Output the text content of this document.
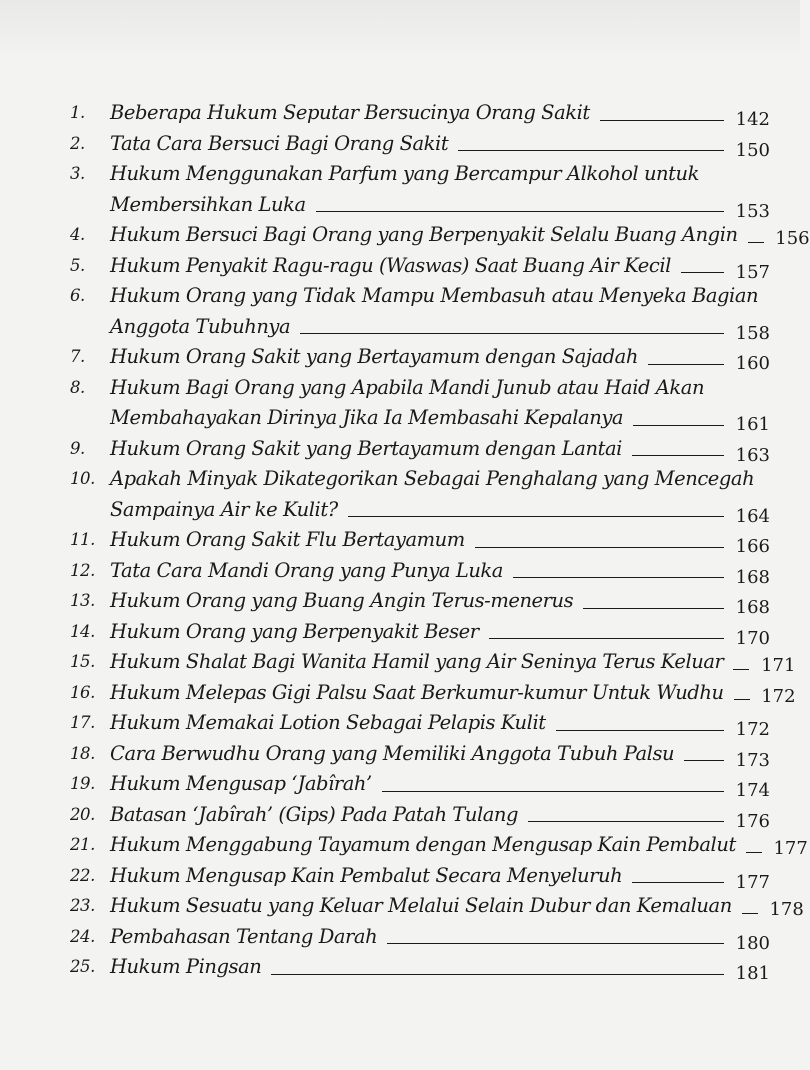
1.	Beberapa Hukum Seputar Bersucinya Orang Sakit	142
2.	Tata Cara Bersuci Bagi Orang Sakit	150
3.	Hukum Menggunakan Parfum yang Bercampur Alkohol untuk
Membersihkan Luka	153
4.	Hukum Bersuci Bagi Orang yang Berpenyakit Selalu Buang Angin 156
5.	Hukum Penyakit Ragu-ragu (Waswas) Saat Buang Air Kecil	157
6.	Hukum Orang yang Tidak Mampu Membasuh atau Menyeka Bagian
Anggota Tubuhnya	158
7.	Hukum Orang Sakit yang Bertayamum dengan Sajadah	160
8.	Hukum Bagi Orang yang Apabila Mandi Junub atau Haid Akan
Membahayakan Dirinya Jika Ia Membasahi Kepalanya	161
9.	Hukum Orang Sakit yang Bertayamum dengan Lantai	163
10. Apakah Minyak Dikategorikan Sebagai Penghalang yang Mencegah
Sampainya Air ke Kulit?	164
11. Hukum Orang Sakit Flu Bertayamum	166
12. Tata Cara Mandi Orang yang Punya Luka	168
13. Hukum Orang yang Buang Angin Terus-menerus	168
14. Hukum Orang yang Berpenyakit Beser	170
15. Hukum Shalat Bagi Wanita Hamil yang Air Seninya Terus Keluar 171
16. Hukum Melepas Gigi Palsu Saat Berkumur-kumur Untuk Wudhu 172
17. Hukum Memakai Lotion Sebagai Pelapis Kulit	172
18. Cara Berwudhu Orang yang Memiliki Anggota Tubuh Palsu	173
19. Hukum Mengusap ‘Jabîrah’	174
20. Batasan ‘Jabîrah’ (Gips) Pada Patah Tulang	176
21. Hukum Menggabung Tayamum dengan Mengusap Kain Pembalut 177
22. Hukum Mengusap Kain Pembalut Secara Menyeluruh	177
23. Hukum Sesuatu yang Keluar Melalui Selain Dubur dan Kemaluan 178
24. Pembahasan Tentang Darah	180
25. Hukum Pingsan	181
